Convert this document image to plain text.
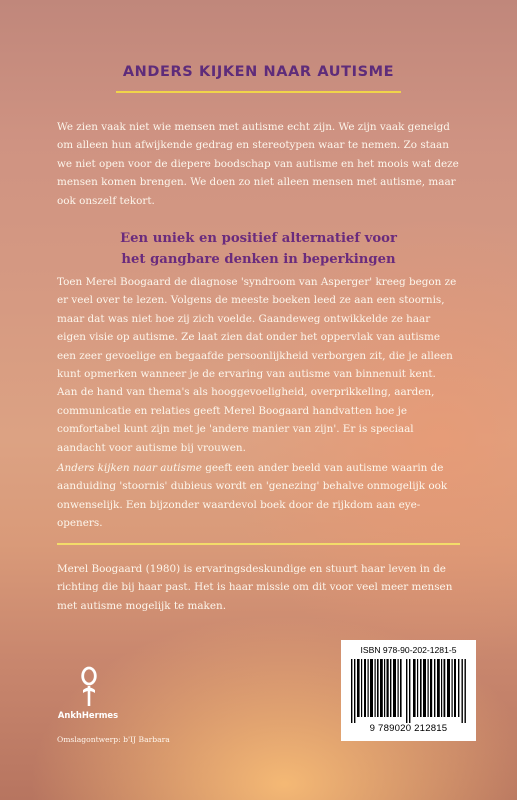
ANDERS KIJKEN NAAR AUTISME

We zien vaak niet wie mensen met autisme echt zijn. We zijn vaak geneigd om alleen hun afwijkende gedrag en stereotypen waar te nemen. Zo staan we niet open voor de diepere boodschap van autisme en het moois wat deze mensen komen brengen. We doen zo niet alleen mensen met autisme, maar ook onszelf tekort.

Een uniek en positief alternatief voor
het gangbare denken in beperkingen
Toen Merel Boogaard de diagnose 'syndroom van Asperger' kreeg begon ze er veel over te lezen. Volgens de meeste boeken leed ze aan een stoornis, maar dat was niet hoe zij zich voelde. Gaandeweg ontwikkelde ze haar eigen visie op autisme. Ze laat zien dat onder het oppervlak van autisme een zeer gevoelige en begaafde persoonlijkheid verborgen zit, die je alleen kunt opmerken wanneer je de ervaring van autisme van binnenuit kent.
Aan de hand van thema's als hooggevoeligheid, overprikkeling, aarden, communicatie en relaties geeft Merel Boogaard handvatten hoe je comfortabel kunt zijn met je 'andere manier van zijn'. Er is speciaal aandacht voor autisme bij vrouwen.

Anders kijken naar autisme geeft een ander beeld van autisme waarin de aanduiding 'stoornis' dubieus wordt en 'genezing' behalve onmogelijk ook onwenselijk. Een bijzonder waardevol boek door de rijkdom aan eye-openers.

Merel Boogaard (1980) is ervaringsdeskundige en stuurt haar leven in de richting die bij haar past. Het is haar missie om dit voor veel meer mensen met autisme mogelijk te maken.

AnkhHermes
Omslagontwerp: b'IJ Barbara
ISBN 978-90-202-1281-5
9 789020 212815
